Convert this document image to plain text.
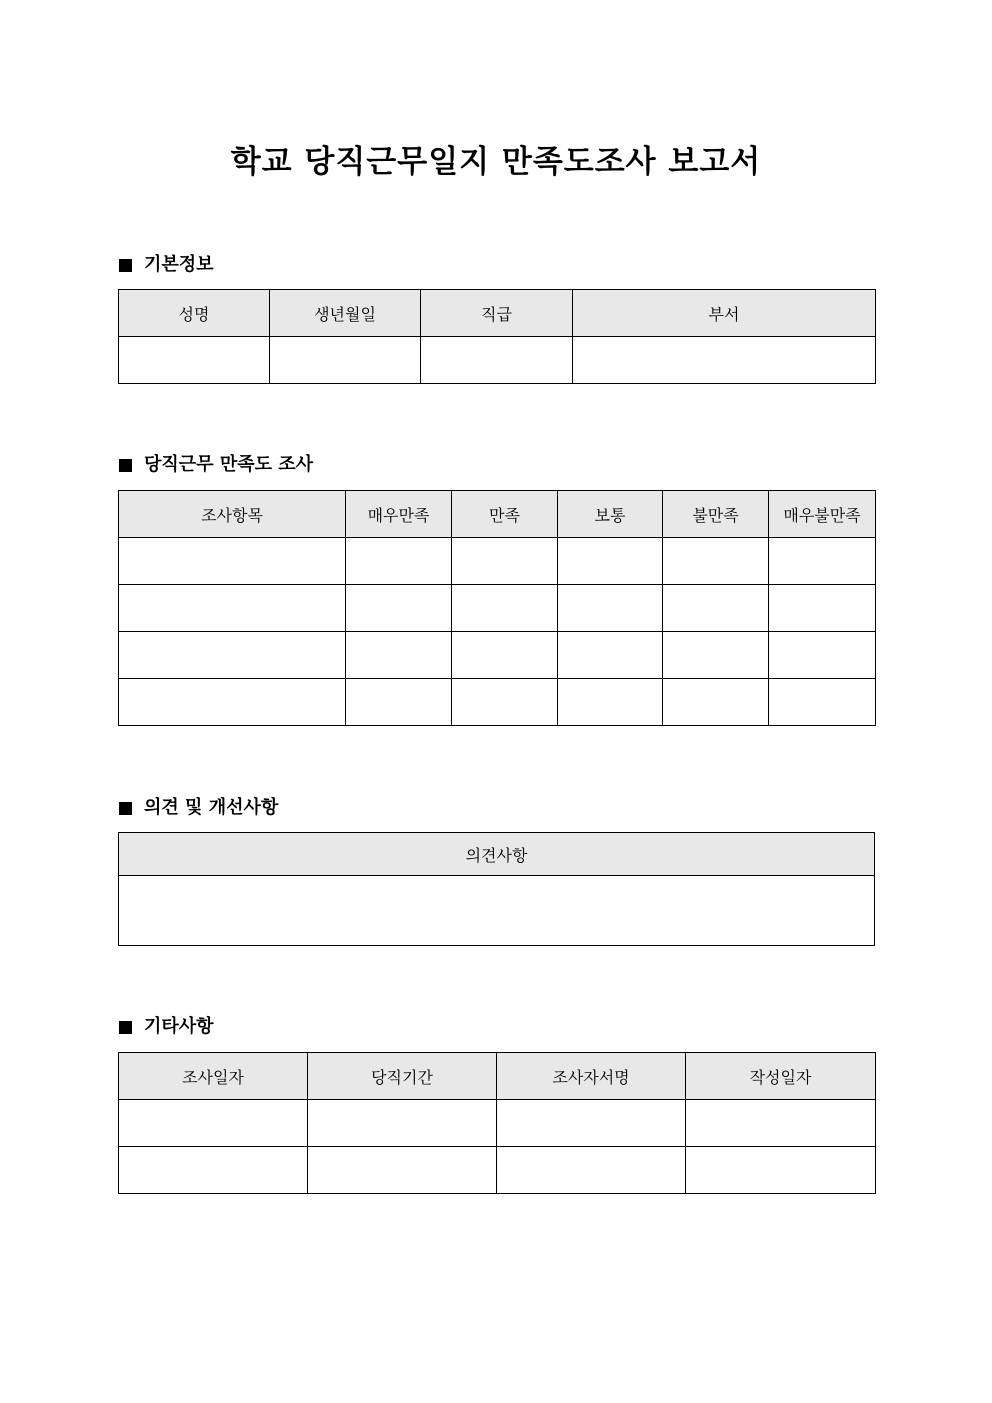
학교 당직근무일지 만족도조사 보고서
기본정보
성명	생년월일	직급	부서

당직근무 만족도 조사
조사항목	매우만족	만족	보통	불만족	매우불만족

의견 및 개선사항
의견사항

기타사항
조사일자	당직기간	조사자서명	작성일자
